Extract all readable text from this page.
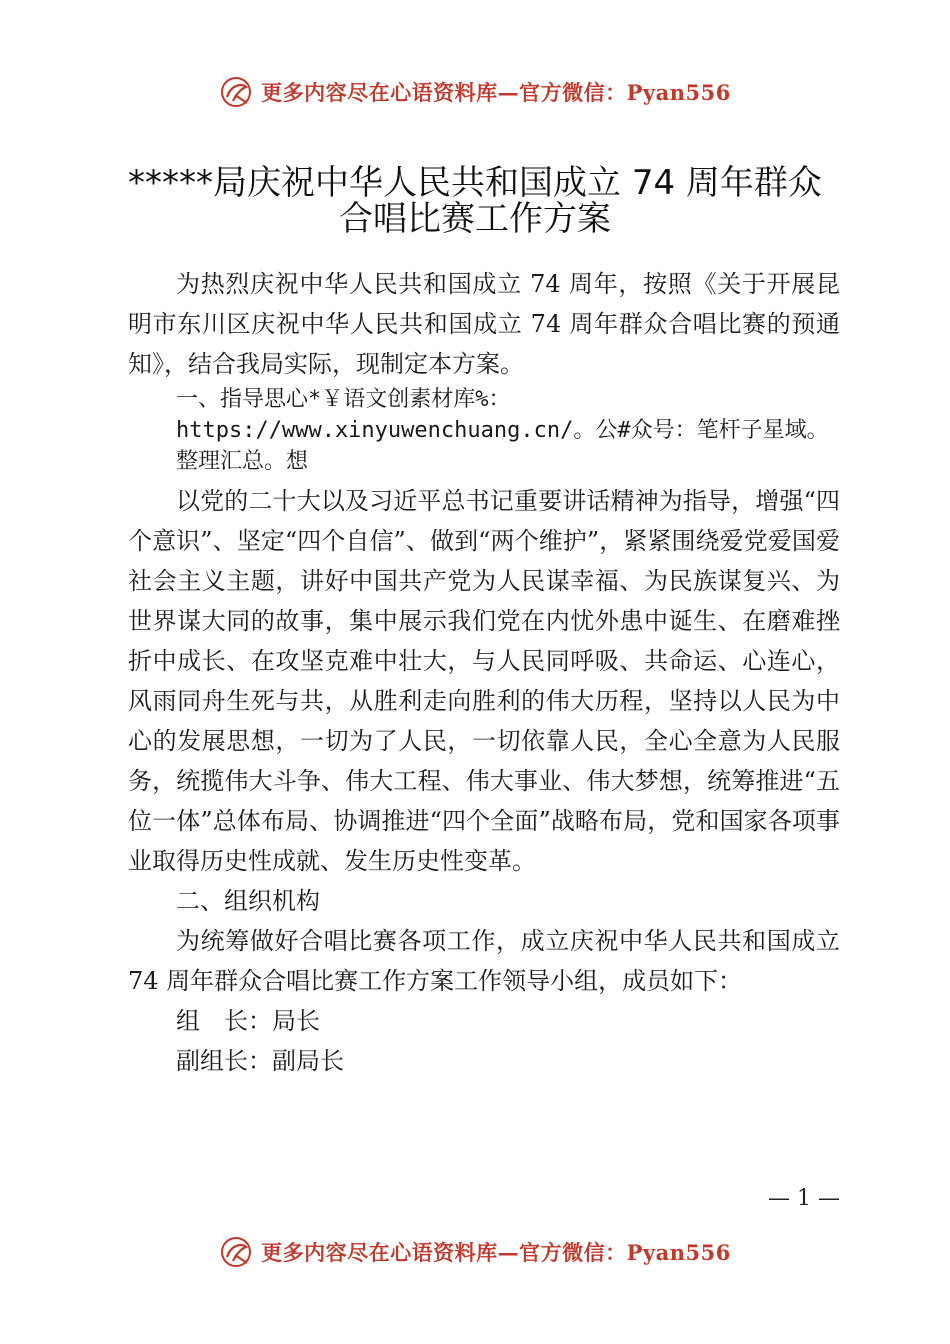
更多内容尽在心语资料库—官方微信：Pyan556
*****局庆祝中华人民共和国成立 74 周年群众
合唱比赛工作方案

为热烈庆祝中华人民共和国成立 74 周年，按照《关于开展昆明市东川区庆祝中华人民共和国成立 74 周年群众合唱比赛的预通知》，结合我局实际，现制定本方案。

一、指导思心*￥语文创素材库%：https://www.xinyuwenchuang.cn/。公#众号：笔杆子星域。整理汇总。想

以党的二十大以及习近平总书记重要讲话精神为指导，增强“四个意识”、坚定“四个自信”、做到“两个维护”，紧紧围绕爱党爱国爱社会主义主题，讲好中国共产党为人民谋幸福、为民族谋复兴、为世界谋大同的故事，集中展示我们党在内忧外患中诞生、在磨难挫折中成长、在攻坚克难中壮大，与人民同呼吸、共命运、心连心，风雨同舟生死与共，从胜利走向胜利的伟大历程，坚持以人民为中心的发展思想，一切为了人民，一切依靠人民，全心全意为人民服务，统揽伟大斗争、伟大工程、伟大事业、伟大梦想，统筹推进“五位一体”总体布局、协调推进“四个全面”战略布局，党和国家各项事业取得历史性成就、发生历史性变革。

二、组织机构

为统筹做好合唱比赛各项工作，成立庆祝中华人民共和国成立 74 周年群众合唱比赛工作方案工作领导小组，成员如下：

组　长：局长

副组长：副局长

— 1 —
更多内容尽在心语资料库—官方微信：Pyan556
